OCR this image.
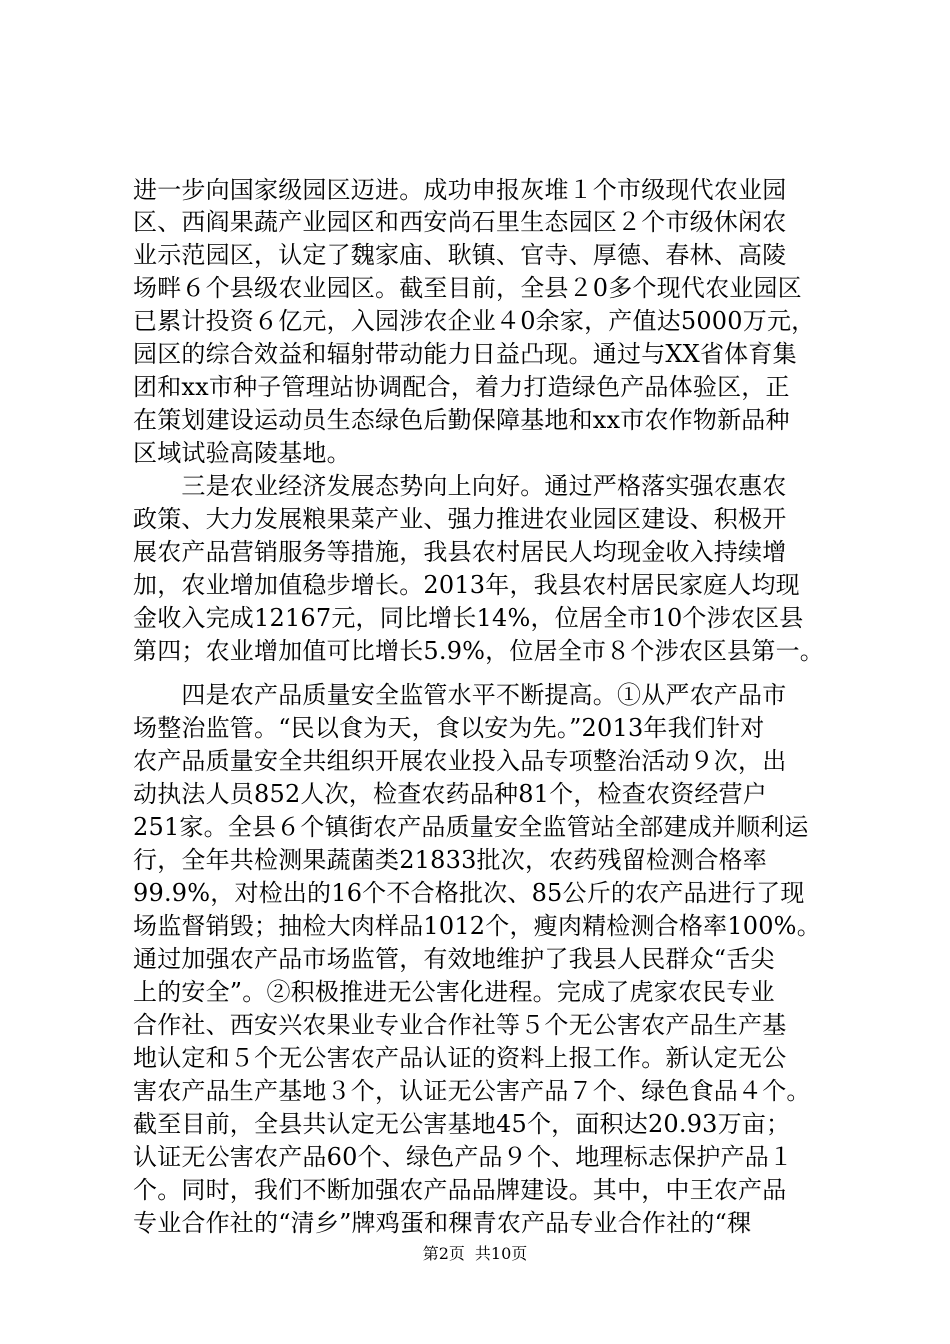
进一步向国家级园区迈进。成功申报灰堆１个市级现代农业园
区、西阎果蔬产业园区和西安尚石里生态园区２个市级休闲农
业示范园区，认定了魏家庙、耿镇、官寺、厚德、春林、高陵
场畔６个县级农业园区。截至目前，全县２0多个现代农业园区
已累计投资６亿元，入园涉农企业４0余家，产值达5000万元，
园区的综合效益和辐射带动能力日益凸现。通过与XX省体育集
团和xx市种子管理站协调配合，着力打造绿色产品体验区，正
在策划建设运动员生态绿色后勤保障基地和xx市农作物新品种
区域试验高陵基地。
　　三是农业经济发展态势向上向好。通过严格落实强农惠农
政策、大力发展粮果菜产业、强力推进农业园区建设、积极开
展农产品营销服务等措施，我县农村居民人均现金收入持续增
加，农业增加值稳步增长。2013年，我县农村居民家庭人均现
金收入完成12167元，同比增长14%，位居全市10个涉农区县
第四；农业增加值可比增长5.9%，位居全市８个涉农区县第一。
　　四是农产品质量安全监管水平不断提高。①从严农产品市
场整治监管。“民以食为天，食以安为先。”2013年我们针对
农产品质量安全共组织开展农业投入品专项整治活动９次，出
动执法人员852人次，检查农药品种81个，检查农资经营户
251家。全县６个镇街农产品质量安全监管站全部建成并顺利运
行，全年共检测果蔬菌类21833批次，农药残留检测合格率
99.9%，对检出的16个不合格批次、85公斤的农产品进行了现
场监督销毁；抽检大肉样品1012个，瘦肉精检测合格率100%。
通过加强农产品市场监管，有效地维护了我县人民群众“舌尖
上的安全”。②积极推进无公害化进程。完成了虎家农民专业
合作社、西安兴农果业专业合作社等５个无公害农产品生产基
地认定和５个无公害农产品认证的资料上报工作。新认定无公
害农产品生产基地３个，认证无公害产品７个、绿色食品４个。
截至目前，全县共认定无公害基地45个，面积达20.93万亩；
认证无公害农产品60个、绿色产品９个、地理标志保护产品１
个。同时，我们不断加强农产品品牌建设。其中，中王农产品
专业合作社的“清乡”牌鸡蛋和稞青农产品专业合作社的“稞
第2页 共10页
